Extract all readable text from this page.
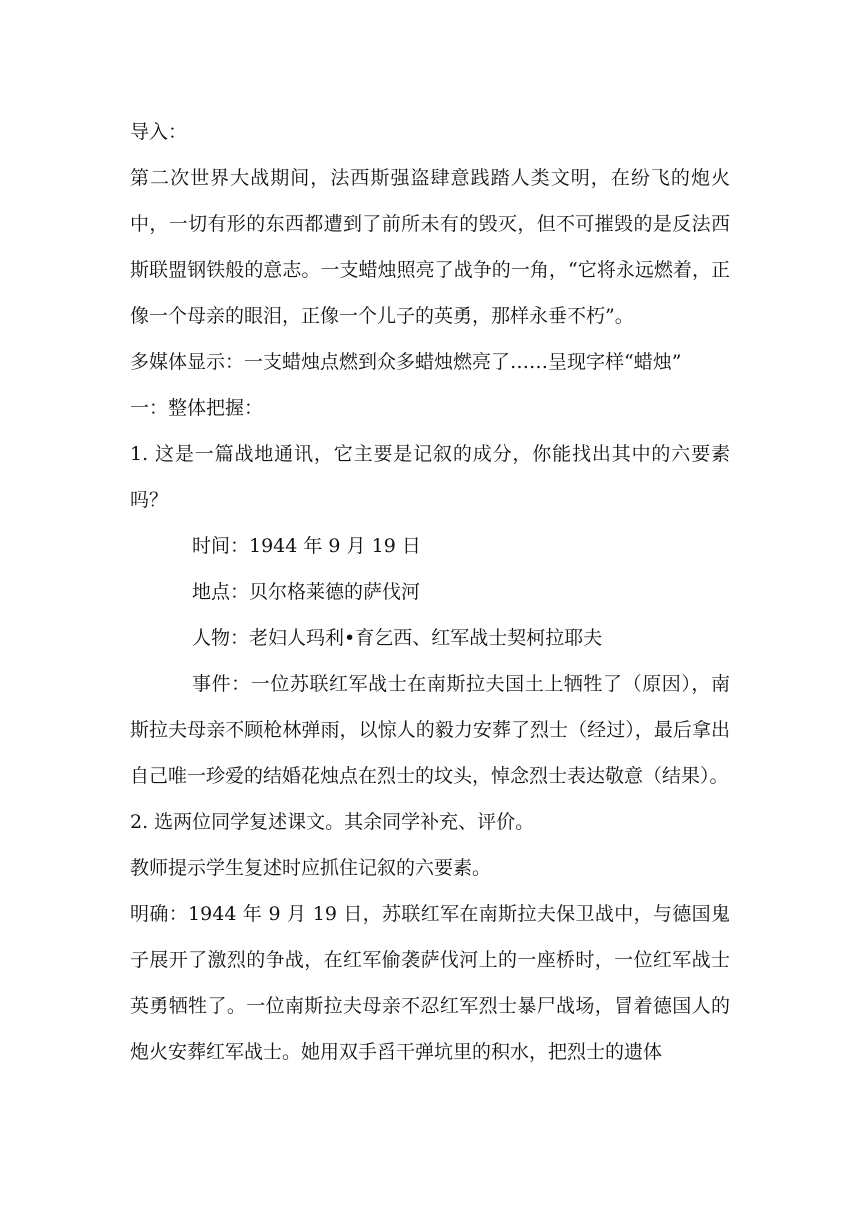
导入：

第二次世界大战期间，法西斯强盗肆意践踏人类文明，在纷飞的炮火中，一切有形的东西都遭到了前所未有的毁灭，但不可摧毁的是反法西斯联盟钢铁般的意志。一支蜡烛照亮了战争的一角，“它将永远燃着，正像一个母亲的眼泪，正像一个儿子的英勇，那样永垂不朽”。

多媒体显示：一支蜡烛点燃到众多蜡烛燃亮了……呈现字样“蜡烛”

一：整体把握：

1. 这是一篇战地通讯，它主要是记叙的成分，你能找出其中的六要素吗？

时间：1944 年 9 月 19 日

地点：贝尔格莱德的萨伐河

人物：老妇人玛利•育乞西、红军战士契柯拉耶夫

事件：一位苏联红军战士在南斯拉夫国土上牺牲了（原因），南斯拉夫母亲不顾枪林弹雨，以惊人的毅力安葬了烈士（经过），最后拿出自己唯一珍爱的结婚花烛点在烈士的坟头，悼念烈士表达敬意（结果）。

2. 选两位同学复述课文。其余同学补充、评价。

教师提示学生复述时应抓住记叙的六要素。

明确：1944 年 9 月 19 日，苏联红军在南斯拉夫保卫战中，与德国鬼子展开了激烈的争战，在红军偷袭萨伐河上的一座桥时，一位红军战士英勇牺牲了。一位南斯拉夫母亲不忍红军烈士暴尸战场，冒着德国人的炮火安葬红军战士。她用双手舀干弹坑里的积水，把烈士的遗体
